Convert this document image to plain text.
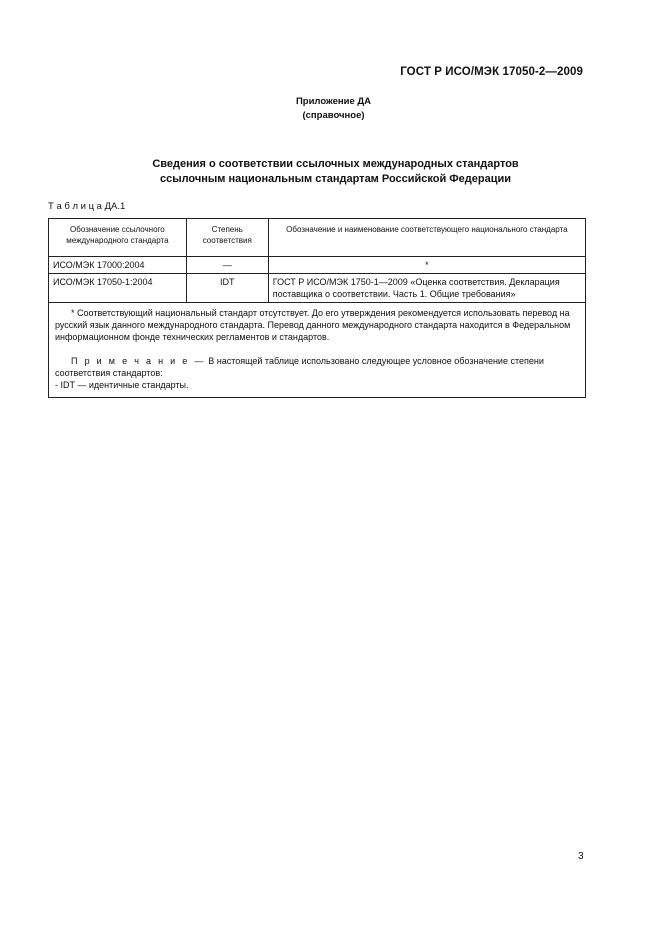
ГОСТ Р ИСО/МЭК 17050-2—2009
Приложение ДА
(справочное)
Сведения о соответствии ссылочных международных стандартов
ссылочным национальным стандартам Российской Федерации
Т а б л и ц а ДА.1
Обозначение ссылочного международного стандарта	Степень соответствия	Обозначение и наименование соответствующего национального стандарта
ИСО/МЭК 17000:2004	—	*
ИСО/МЭК 17050-1:2004	IDT	ГОСТ Р ИСО/МЭК 1750-1—2009 «Оценка соответствия. Декларация поставщика о соответствии. Часть 1. Общие требования»

* Соответствующий национальный стандарт отсутствует. До его утверждения рекомендуется использовать перевод на русский язык данного международного стандарта. Перевод данного международного стандарта находится в Федеральном информационном фонде технических регламентов и стандартов.
П р и м е ч а н и е — В настоящей таблице использовано следующее условное обозначение степени соответствия стандартов:
- IDT — идентичные стандарты.		
3
